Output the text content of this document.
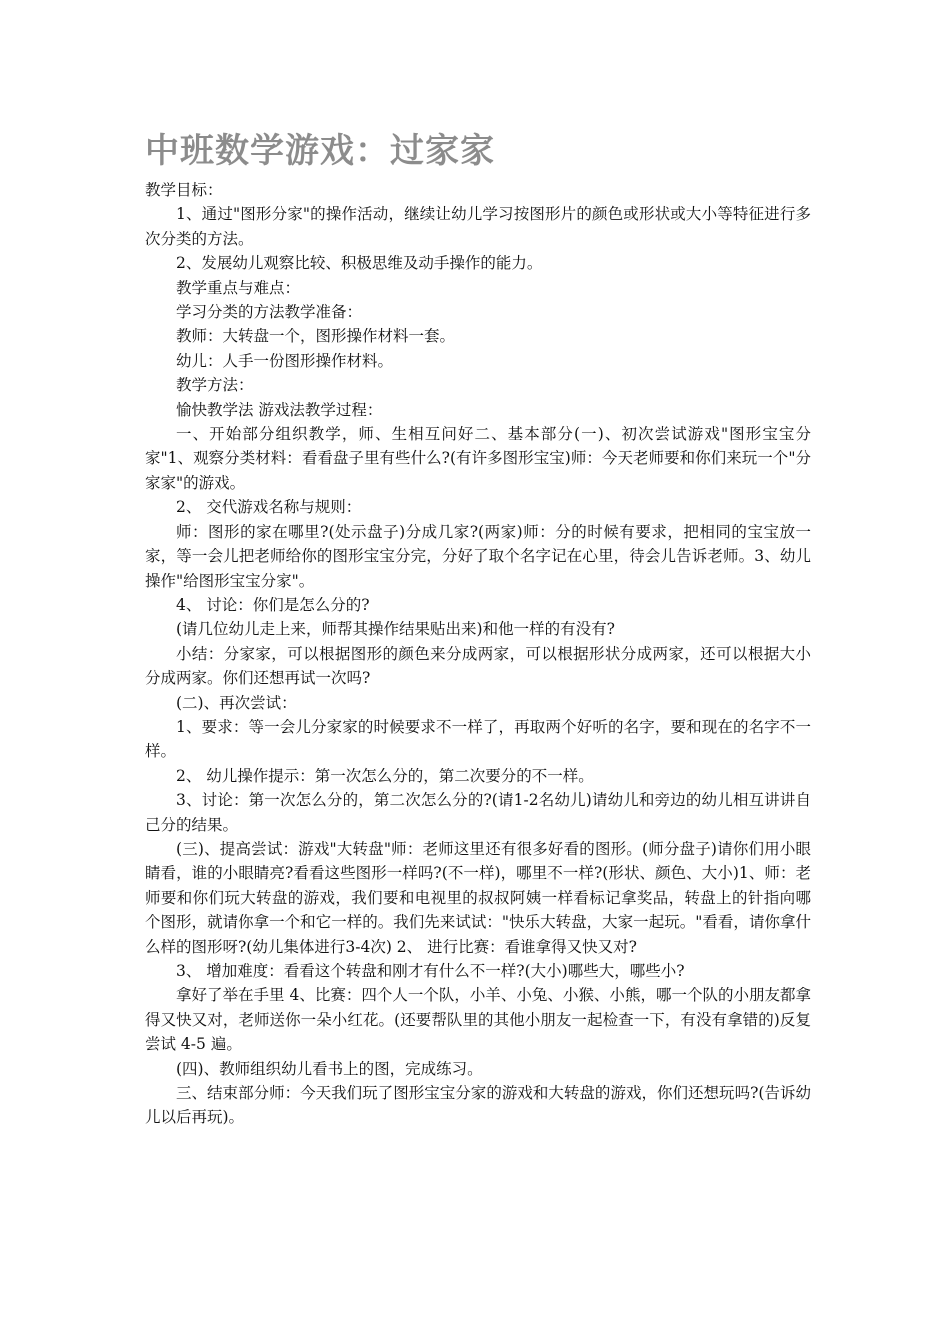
中班数学游戏：过家家

教学目标：

1、通过"图形分家"的操作活动，继续让幼儿学习按图形片的颜色或形状或大小等特征进行多次分类的方法。

2、发展幼儿观察比较、积极思维及动手操作的能力。

教学重点与难点：

学习分类的方法教学准备：

教师：大转盘一个，图形操作材料一套。

幼儿：人手一份图形操作材料。

教学方法：

愉快教学法 游戏法教学过程：

一、开始部分组织教学，师、生相互问好二、基本部分(一)、初次尝试游戏"图形宝宝分家"1、观察分类材料：看看盘子里有些什么?(有许多图形宝宝)师：今天老师要和你们来玩一个"分家家"的游戏。

2、 交代游戏名称与规则：

师：图形的家在哪里?(处示盘子)分成几家?(两家)师：分的时候有要求，把相同的宝宝放一家，等一会儿把老师给你的图形宝宝分完，分好了取个名字记在心里，待会儿告诉老师。3、幼儿操作"给图形宝宝分家"。

4、 讨论：你们是怎么分的?

(请几位幼儿走上来，师帮其操作结果贴出来)和他一样的有没有?

小结：分家家，可以根据图形的颜色来分成两家，可以根据形状分成两家，还可以根据大小分成两家。你们还想再试一次吗?

(二)、再次尝试：

1、要求：等一会儿分家家的时候要求不一样了，再取两个好听的名字，要和现在的名字不一样。

2、 幼儿操作提示：第一次怎么分的，第二次要分的不一样。

3、讨论：第一次怎么分的，第二次怎么分的?(请1-2名幼儿)请幼儿和旁边的幼儿相互讲讲自己分的结果。

(三)、提高尝试：游戏"大转盘"师：老师这里还有很多好看的图形。(师分盘子)请你们用小眼睛看，谁的小眼睛亮?看看这些图形一样吗?(不一样)，哪里不一样?(形状、颜色、大小)1、师：老师要和你们玩大转盘的游戏，我们要和电视里的叔叔阿姨一样看标记拿奖品，转盘上的针指向哪个图形，就请你拿一个和它一样的。我们先来试试："快乐大转盘，大家一起玩。"看看，请你拿什么样的图形呀?(幼儿集体进行3-4次) 2、 进行比赛：看谁拿得又快又对?

3、 增加难度：看看这个转盘和刚才有什么不一样?(大小)哪些大，哪些小?

拿好了举在手里 4、比赛：四个人一个队，小羊、小兔、小猴、小熊，哪一个队的小朋友都拿得又快又对，老师送你一朵小红花。(还要帮队里的其他小朋友一起检查一下，有没有拿错的)反复尝试 4-5 遍。

(四)、教师组织幼儿看书上的图，完成练习。

三、结束部分师：今天我们玩了图形宝宝分家的游戏和大转盘的游戏，你们还想玩吗?(告诉幼儿以后再玩)。
